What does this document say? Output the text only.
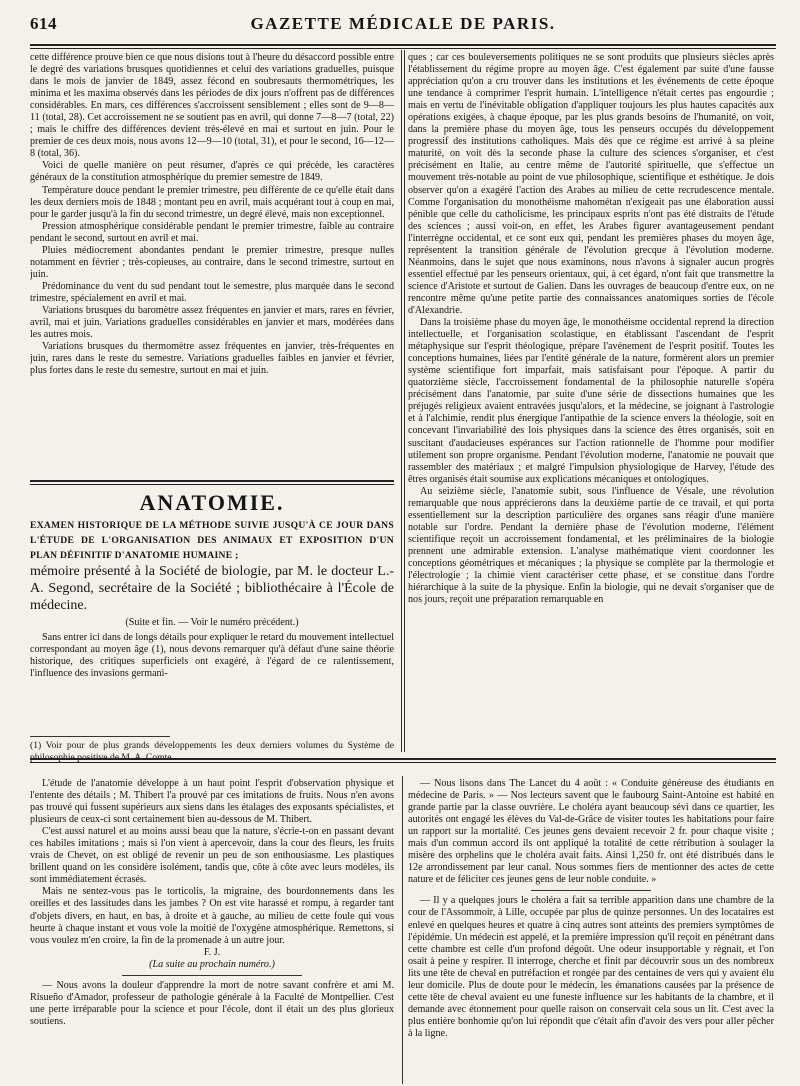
614	GAZETTE MÉDICALE DE PARIS.

cette différence prouve bien ce que nous disions tout à l'heure du désaccord possible entre le degré des variations brusques quotidiennes et celui des variations graduelles, puisque dans le mois de janvier de 1849, assez fécond en soubresauts thermométriques, les minima et les maxima observés dans les périodes de dix jours n'offrent pas de différences considérables. En mars, ces différences s'accroissent sensiblement ; elles sont de 9—8—11 (total, 28). Cet accroissement ne se soutient pas en avril, qui donne 7—8—7 (total, 22) ; mais le chiffre des différences devient très-élevé en mai et surtout en juin. Pour le premier de ces deux mois, nous avons 12—9—10 (total, 31), et pour le second, 16—12—8 (total, 36).

Voici de quelle manière on peut résumer, d'après ce qui précède, les caractères généraux de la constitution atmosphérique du premier semestre de 1849.

Température douce pendant le premier trimestre, peu différente de ce qu'elle était dans les deux derniers mois de 1848 ; montant peu en avril, mais acquérant tout à coup en mai, pour le garder jusqu'à la fin du second trimestre, un degré élevé, mais non exceptionnel.

Pression atmosphérique considérable pendant le premier trimestre, faible au contraire pendant le second, surtout en avril et mai.

Pluies médiocrement abondantes pendant le premier trimestre, presque nulles notamment en février ; très-copieuses, au contraire, dans le second trimestre, surtout en juin.

Prédominance du vent du sud pendant tout le semestre, plus marquée dans le second trimestre, spécialement en avril et mai.

Variations brusques du baromètre assez fréquentes en janvier et mars, rares en février, avril, mai et juin. Variations graduelles considérables en janvier et mars, modérées dans les autres mois.

Variations brusques du thermomètre assez fréquentes en janvier, très-fréquentes en juin, rares dans le reste du semestre. Variations graduelles faibles en janvier et février, plus fortes dans le reste du semestre, surtout en mai et juin.

ANATOMIE.

EXAMEN HISTORIQUE DE LA MÉTHODE SUIVIE JUSQU'À CE JOUR DANS L'ÉTUDE DE L'ORGANISATION DES ANIMAUX ET EXPOSITION D'UN PLAN DÉFINITIF D'ANATOMIE HUMAINE ;

mémoire présenté à la Société de biologie, par M. le docteur L.-A. Segond, secrétaire de la Société ; bibliothécaire à l'École de médecine.

(Suite et fin. — Voir le numéro précédent.)

Sans entrer ici dans de longs détails pour expliquer le retard du mouvement intellectuel correspondant au moyen âge (1), nous devons remarquer qu'à défaut d'une saine théorie historique, des critiques superficiels ont exagéré, à l'égard de ce ralentissement, l'influence des invasions germani-

(1) Voir pour de plus grands développements les deux derniers volumes du Système de philosophie positive de M. A. Comte.

ques ; car ces bouleversements politiques ne se sont produits que plusieurs siècles après l'établissement du régime propre au moyen âge. C'est également par suite d'une fausse appréciation qu'on a cru trouver dans les institutions et les événements de cette époque une tendance à comprimer l'esprit humain. L'intelligence n'était certes pas engourdie ; mais en vertu de l'inévitable obligation d'appliquer toujours les plus hautes capacités aux opérations exigées, à chaque époque, par les plus grands besoins de l'humanité, on voit, dans la première phase du moyen âge, tous les penseurs occupés du développement progressif des institutions catholiques. Mais dès que ce régime est arrivé à sa pleine maturité, on voit dès la seconde phase la culture des sciences s'organiser, et c'est précisément en Italie, au centre même de l'autorité spirituelle, que s'effectue un mouvement très-notable au point de vue philosophique, scientifique et esthétique. Je dois observer qu'on a exagéré l'action des Arabes au milieu de cette recrudescence mentale. Comme l'organisation du monothéisme mahométan n'exigeait pas une élaboration aussi pénible que celle du catholicisme, les principaux esprits n'ont pas été distraits de l'étude des sciences ; aussi voit-on, en effet, les Arabes figurer avantageusement pendant l'interrègne occidental, et ce sont eux qui, pendant les premières phases du moyen âge, représentent la transition générale de l'évolution grecque à l'évolution moderne. Néanmoins, dans le sujet que nous examinons, nous n'avons à signaler aucun progrès essentiel effectué par les penseurs orientaux, qui, à cet égard, n'ont fait que transmettre la science d'Aristote et surtout de Galien. Dans les ouvrages de beaucoup d'entre eux, on ne rencontre même qu'une petite partie des connaissances anatomiques sorties de l'école d'Alexandrie.

Dans la troisième phase du moyen âge, le monothéisme occidental reprend la direction intellectuelle, et l'organisation scolastique, en établissant l'ascendant de l'esprit métaphysique sur l'esprit théologique, prépare l'avénement de l'esprit positif. Toutes les conceptions humaines, liées par l'entité générale de la nature, formèrent alors un premier système scientifique fort imparfait, mais satisfaisant pour l'époque. A partir du quatorzième siècle, l'accroissement fondamental de la philosophie naturelle s'opéra précisément dans l'anatomie, par suite d'une série de dissections humaines que les préjugés religieux avaient entravées jusqu'alors, et la médecine, se joignant à l'astrologie et à l'alchimie, rendit plus énergique l'antipathie de la science envers la théologie, soit en concevant l'invariabilité des lois physiques dans la science des êtres organisés, soit en suscitant d'audacieuses espérances sur l'action rationnelle de l'homme pour modifier utilement son propre organisme. Pendant l'évolution moderne, l'anatomie ne pouvait que rassembler des matériaux ; et malgré l'impulsion physiologique de Harvey, l'étude des êtres organisés était soumise aux explications mécaniques et ontologiques.

Au seizième siècle, l'anatomie subit, sous l'influence de Vésale, une révolution remarquable que nous apprécierons dans la deuxième partie de ce travail, et qui porta essentiellement sur la description particulière des organes sans réagir d'une manière notable sur l'ordre. Pendant la dernière phase de l'évolution moderne, l'élément scientifique reçoit un accroissement fondamental, et les préliminaires de la biologie prennent une admirable extension. L'analyse mathématique vient coordonner les conceptions géométriques et mécaniques ; la physique se complète par la thermologie et l'électrologie ; la chimie vient caractériser cette phase, et se constitue dans l'ordre hiérarchique à la suite de la physique. Enfin la biologie, qui ne devait s'organiser que de nos jours, reçoit une préparation remarquable en

L'étude de l'anatomie développe à un haut point l'esprit d'observation physique et l'entente des détails ; M. Thibert l'a prouvé par ces imitations de fruits. Nous n'en avons pas trouvé qui fussent supérieurs aux siens dans les étalages des exposants spécialistes, et plusieurs de ceux-ci sont certainement bien au-dessous de M. Thibert.

C'est aussi naturel et au moins aussi beau que la nature, s'écrie-t-on en passant devant ces habiles imitations ; mais si l'on vient à apercevoir, dans la cour des fleurs, les fruits vrais de Chevet, on est obligé de revenir un peu de son enthousiasme. Les plastiques brillent quand on les considère isolément, tandis que, côte à côte avec leurs modèles, ils sont immédiatement écrasés.

Mais ne sentez-vous pas le torticolis, la migraine, des bourdonnements dans les oreilles et des lassitudes dans les jambes ? On est vite harassé et rompu, à regarder tant d'objets divers, en haut, en bas, à droite et à gauche, au milieu de cette foule qui vous heurte à chaque instant et vous vole la moitié de l'oxygène atmosphérique. Remettons, si vous voulez m'en croire, la fin de la promenade à un autre jour.

F. J.

(La suite au prochain numéro.)

— Nous avons la douleur d'apprendre la mort de notre savant confrère et ami M. Risueño d'Amador, professeur de pathologie générale à la Faculté de Montpellier. C'est une perte irréparable pour la science et pour l'école, dont il était un des plus glorieux soutiens.

— Nous lisons dans The Lancet du 4 août : « Conduite généreuse des étudiants en médecine de Paris. » — Nos lecteurs savent que le faubourg Saint-Antoine est habité en grande partie par la classe ouvrière. Le choléra ayant beaucoup sévi dans ce quartier, les autorités ont engagé les élèves du Val-de-Grâce de visiter toutes les habitations pour faire un rapport sur la mortalité. Ces jeunes gens devaient recevoir 2 fr. pour chaque visite ; mais d'un commun accord ils ont appliqué la totalité de cette rétribution à soulager la misère des orphelins que le choléra avait faits. Ainsi 1,250 fr. ont été distribués dans le 12e arrondissement par leur canal. Nous sommes fiers de mentionner des actes de cette nature et de féliciter ces jeunes gens de leur noble conduite. »

— Il y a quelques jours le choléra a fait sa terrible apparition dans une chambre de la cour de l'Assommoir, à Lille, occupée par plus de quinze personnes. Un des locataires est enlevé en quelques heures et quatre à cinq autres sont atteints des premiers symptômes de l'épidémie. Un médecin est appelé, et la première impression qu'il reçoit en pénétrant dans cette chambre est celle d'un profond dégoût. Une odeur insupportable y règnait, et l'on osait à peine y respirer. Il interroge, cherche et finit par découvrir sous un des nombreux lits une tête de cheval en putréfaction et rongée par des centaines de vers qui y avaient élu leur domicile. Plus de doute pour le médecin, les émanations causées par la présence de cette tête de cheval avaient eu une funeste influence sur les habitants de la chambre, et il demande avec étonnement pour quelle raison on conservait cela sous un lit. C'est avec la plus entière bonhomie qu'on lui répondit que c'était afin d'avoir des vers pour aller pêcher à la ligne.
